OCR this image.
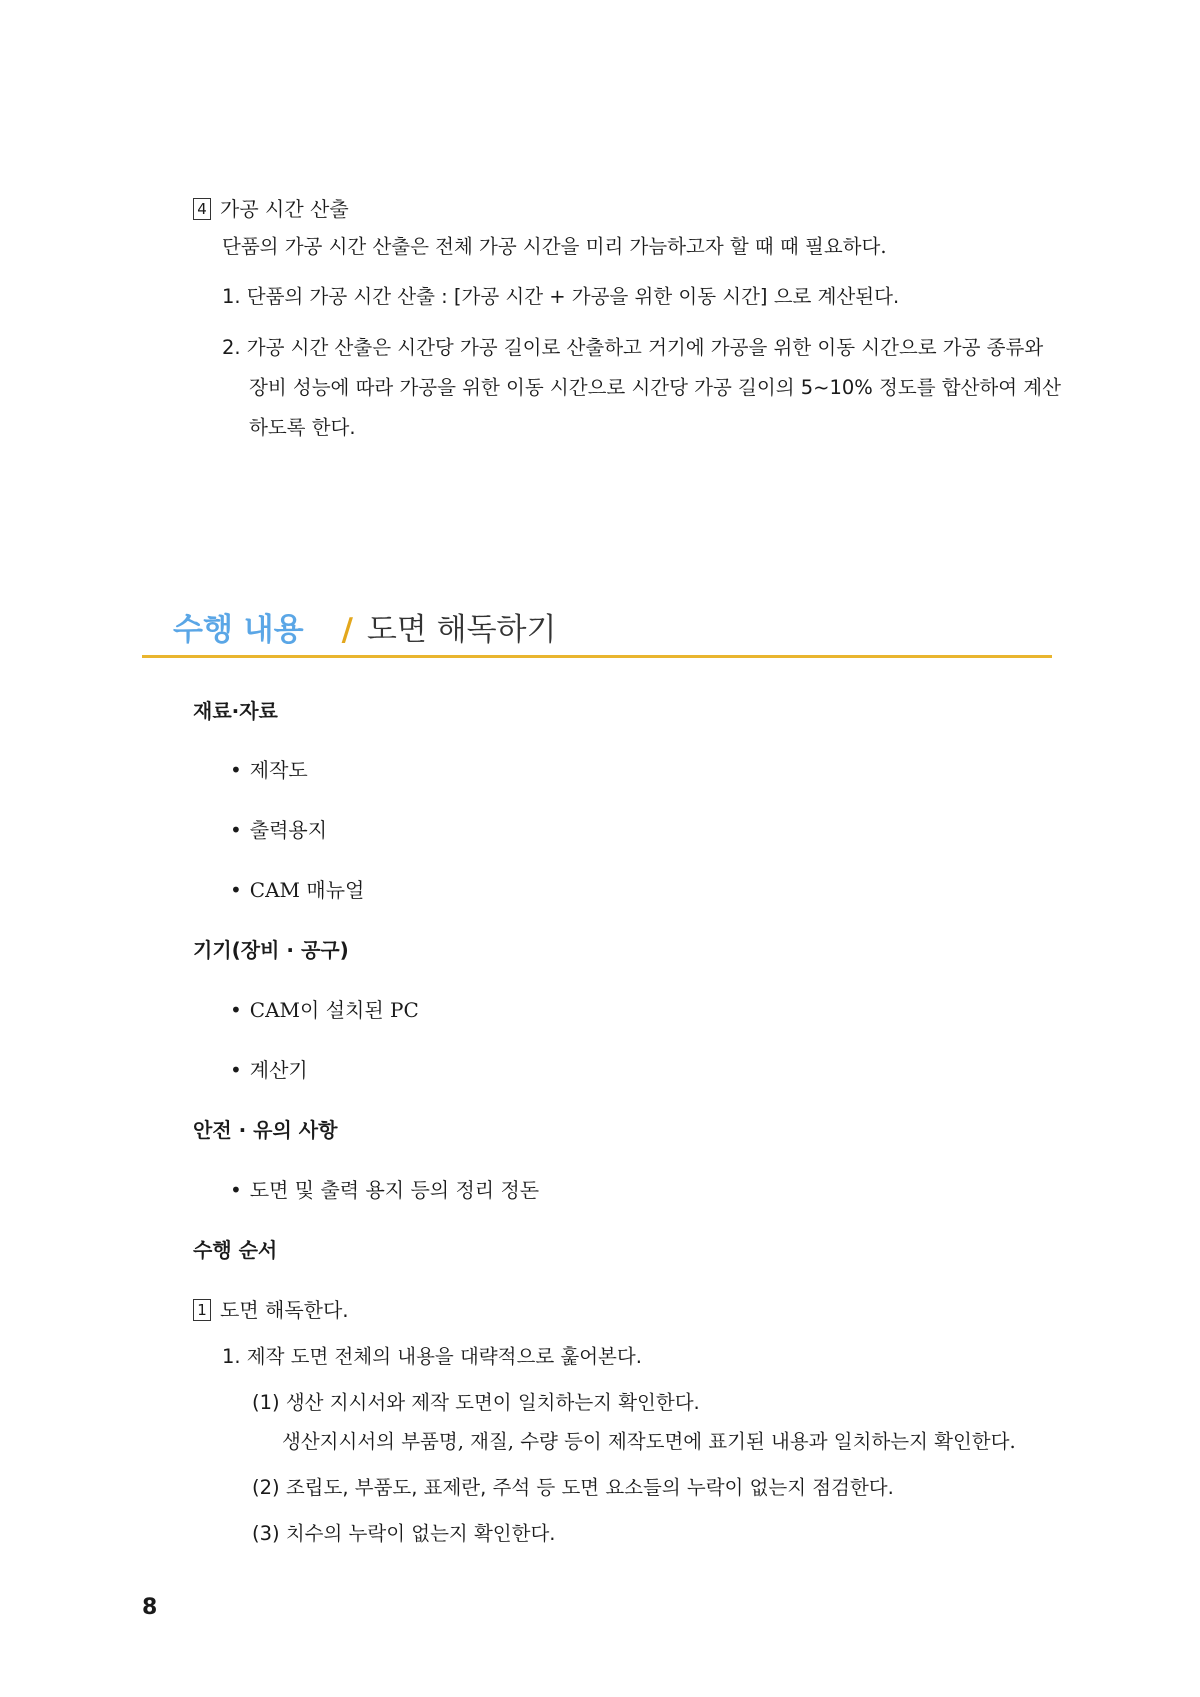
4 가공 시간 산출
단품의 가공 시간 산출은 전체 가공 시간을 미리 가늠하고자 할 때 때 필요하다.
1. 단품의 가공 시간 산출 : [가공 시간 + 가공을 위한 이동 시간] 으로 계산된다.
2. 가공 시간 산출은 시간당 가공 길이로 산출하고 거기에 가공을 위한 이동 시간으로 가공 종류와
장비 성능에 따라 가공을 위한 이동 시간으로 시간당 가공 길이의 5~10% 정도를 합산하여 계산
하도록 한다.
수행 내용 / 도면 해독하기
재료·자료
• 제작도
• 출력용지
• CAM 매뉴얼
기기(장비 · 공구)
• CAM이 설치된 PC
• 계산기
안전 · 유의 사항
• 도면 및 출력 용지 등의 정리 정돈
수행 순서
1 도면 해독한다.
1. 제작 도면 전체의 내용을 대략적으로 훑어본다.
(1) 생산 지시서와 제작 도면이 일치하는지 확인한다.
생산지시서의 부품명, 재질, 수량 등이 제작도면에 표기된 내용과 일치하는지 확인한다.
(2) 조립도, 부품도, 표제란, 주석 등 도면 요소들의 누락이 없는지 점검한다.
(3) 치수의 누락이 없는지 확인한다.
8
